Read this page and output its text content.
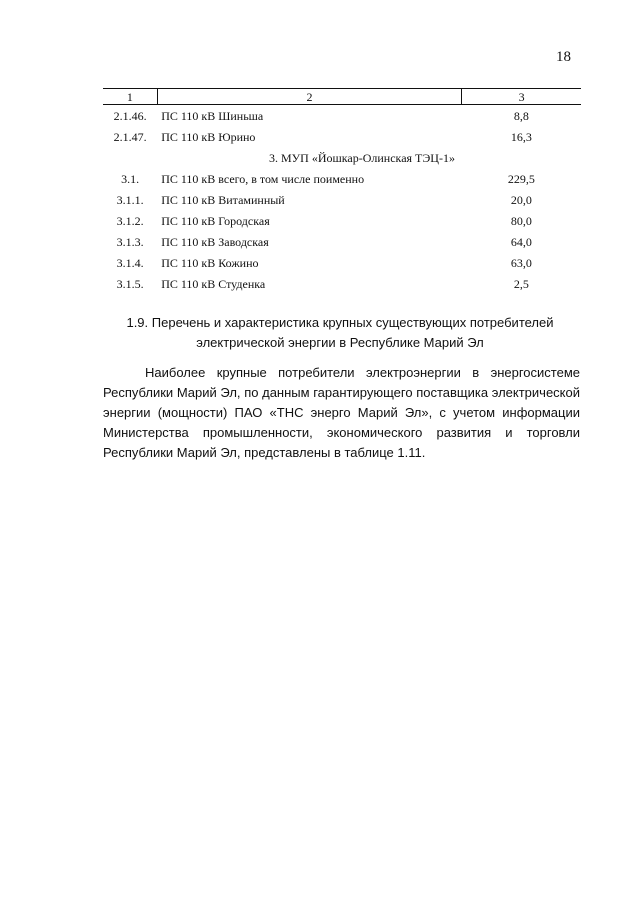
18
1	2	3
2.1.46.	ПС 110 кВ Шиньша	8,8
2.1.47.	ПС 110 кВ Юрино	16,3
3. МУП «Йошкар-Олинская ТЭЦ-1»		
3.1.	ПС 110 кВ всего, в том числе поименно	229,5
3.1.1.	ПС 110 кВ Витаминный	20,0
3.1.2.	ПС 110 кВ Городская	80,0
3.1.3.	ПС 110 кВ Заводская	64,0
3.1.4.	ПС 110 кВ Кожино	63,0
3.1.5.	ПС 110 кВ Студенка	2,5
1.9. Перечень и характеристика крупных существующих потребителей
электрической энергии в Республике Марий Эл
Наиболее крупные потребители электроэнергии в энергосистеме Республики Марий Эл, по данным гарантирующего поставщика электрической энергии (мощности) ПАО «ТНС энерго Марий Эл», с учетом информации Министерства промышленности, экономического развития и торговли Республики Марий Эл, представлены в таблице 1.11.
